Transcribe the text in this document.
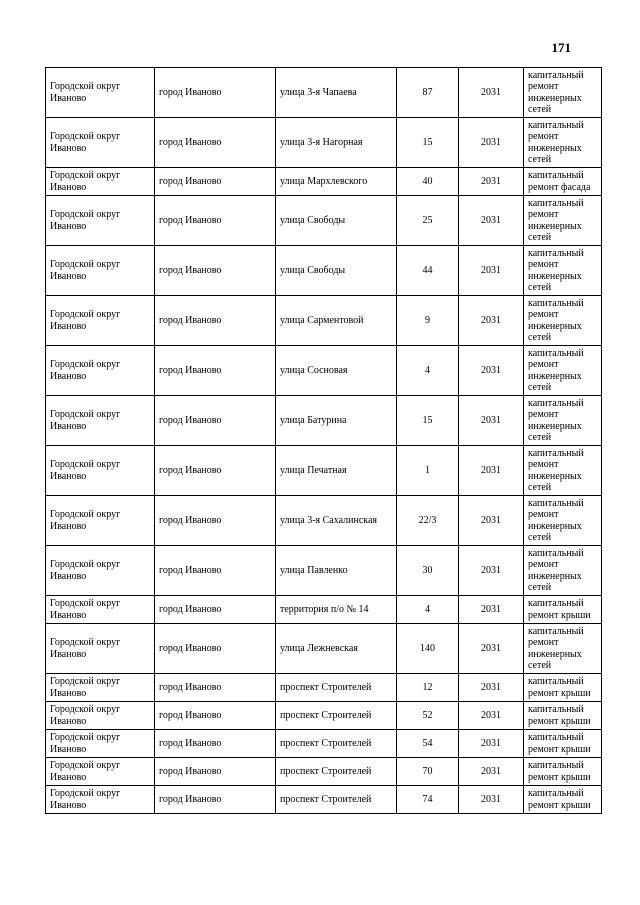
171
Городской округ Иваново	город Иваново	улица 3-я Чапаева	87	2031	капитальный ремонт инженерных сетей
Городской округ Иваново	город Иваново	улица 3-я Нагорная	15	2031	капитальный ремонт инженерных сетей
Городской округ Иваново	город Иваново	улица Мархлевского	40	2031	капитальный ремонт фасада
Городской округ Иваново	город Иваново	улица Свободы	25	2031	капитальный ремонт инженерных сетей
Городской округ Иваново	город Иваново	улица Свободы	44	2031	капитальный ремонт инженерных сетей
Городской округ Иваново	город Иваново	улица Сарментовой	9	2031	капитальный ремонт инженерных сетей
Городской округ Иваново	город Иваново	улица Сосновая	4	2031	капитальный ремонт инженерных сетей
Городской округ Иваново	город Иваново	улица Батурина	15	2031	капитальный ремонт инженерных сетей
Городской округ Иваново	город Иваново	улица Печатная	1	2031	капитальный ремонт инженерных сетей
Городской округ Иваново	город Иваново	улица 3-я Сахалинская	22/3	2031	капитальный ремонт инженерных сетей
Городской округ Иваново	город Иваново	улица Павленко	30	2031	капитальный ремонт инженерных сетей
Городской округ Иваново	город Иваново	территория п/о № 14	4	2031	капитальный ремонт крыши
Городской округ Иваново	город Иваново	улица Лежневская	140	2031	капитальный ремонт инженерных сетей
Городской округ Иваново	город Иваново	проспект Строителей	12	2031	капитальный ремонт крыши
Городской округ Иваново	город Иваново	проспект Строителей	52	2031	капитальный ремонт крыши
Городской округ Иваново	город Иваново	проспект Строителей	54	2031	капитальный ремонт крыши
Городской округ Иваново	город Иваново	проспект Строителей	70	2031	капитальный ремонт крыши
Городской округ Иваново	город Иваново	проспект Строителей	74	2031	капитальный ремонт крыши
